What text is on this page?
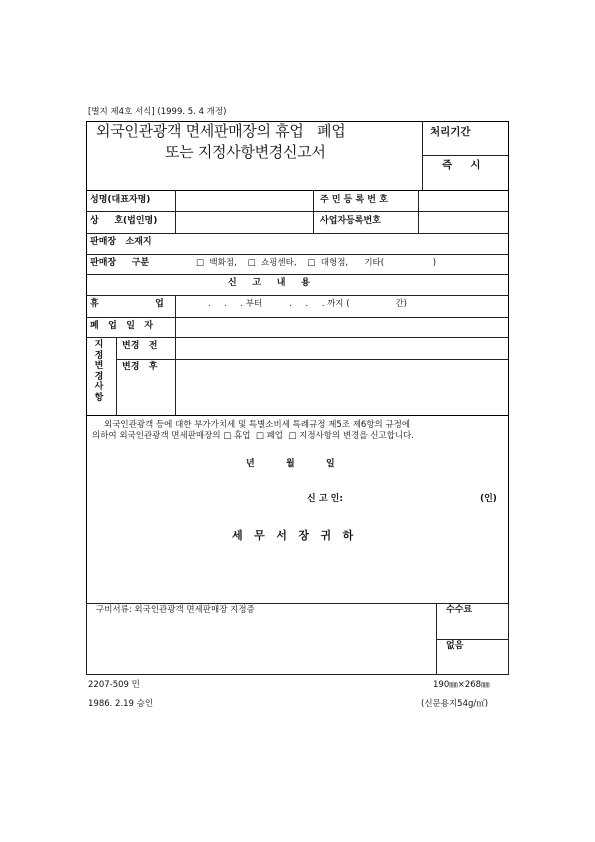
[별지 제4호 서식] (1999. 5. 4 개정)
외국인관광객 면세판매장의 휴업   폐업
또는 지정사항변경신고서
처리기간
즉     시
성명(대표자명)	주 민 등 록 번 호
상     호(법인명)	사업자등록번호
판매장   소재지
판매장     구분	□  백화점,    □  쇼핑센타,    □  대형점,      기타(                  )
신     고     내     용
휴                  업	.     .     . 부터          .     .     . 까지 (                 간)
폐   업   일   자
지정변경사항
변경   전
변경   후
외국인관광객 등에 대한 부가가치세 및 특별소비세 특례규정 제5조 제6항의 규정에
의하여 외국인관광객 면세판매장의 □ 휴업  □ 폐업  □ 지정사항의 변경을 신고합니다.
년          월          일
신 고 인:	(인)
세   무   서   장   귀   하
구비서류: 외국인관광객 면세판매장 지정증	수수료
없음
2207-509 민
1986. 2.19 승인
190㎜×268㎜
(신문용지54g/㎡)
